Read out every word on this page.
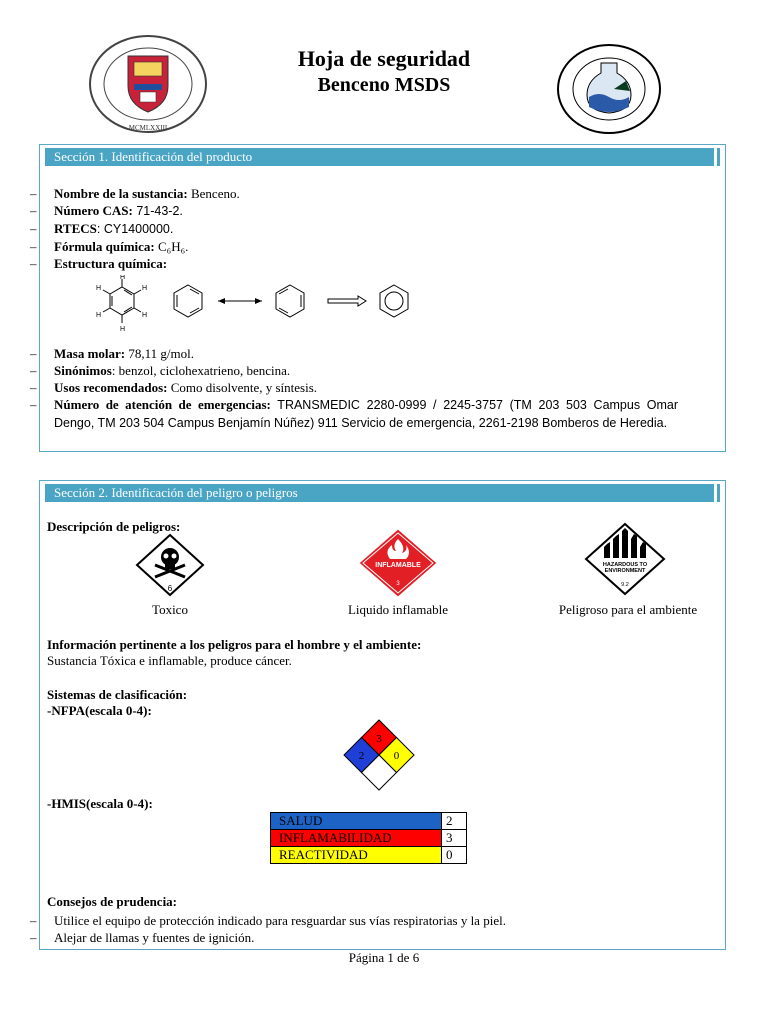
MCMLXXIII
Hoja de seguridad
Benceno MSDS
Sección 1. Identificación del producto
– Nombre de la sustancia: Benceno.
– Número CAS: 71-43-2.
– RTECS: CY1400000.
– Fórmula química: C₆H₆.
– Estructura química:
H
H
H
H
H
H
– Masa molar: 78,11 g/mol.
– Sinónimos: benzol, ciclohexatrieno, bencina.
– Usos recomendados: Como disolvente, y síntesis.
– Número de atención de emergencias: TRANSMEDIC 2280-0999 / 2245-3757 (TM 203 503 Campus Omar Dengo, TM 203 504 Campus Benjamín Núñez) 911 Servicio de emergencia, 2261-2198 Bomberos de Heredia.
Sección 2. Identificación del peligro o peligros
Descripción de peligros:
6
Toxico
INFLAMABLE
3
Liquido inflamable
HAZARDOUS TO
ENVIRONMENT
9.2
Peligroso para el ambiente
Información pertinente a los peligros para el hombre y el ambiente:
Sustancia Tóxica e inflamable, produce cáncer.
Sistemas de clasificación:
-NFPA(escala 0-4):
3
2	0
-HMIS(escala 0-4):
SALUD	2
INFLAMABILIDAD	3
REACTIVIDAD	0
Consejos de prudencia:
– Utilice el equipo de protección indicado para resguardar sus vías respiratorias y la piel.
– Alejar de llamas y fuentes de ignición.
Página 1 de 6
